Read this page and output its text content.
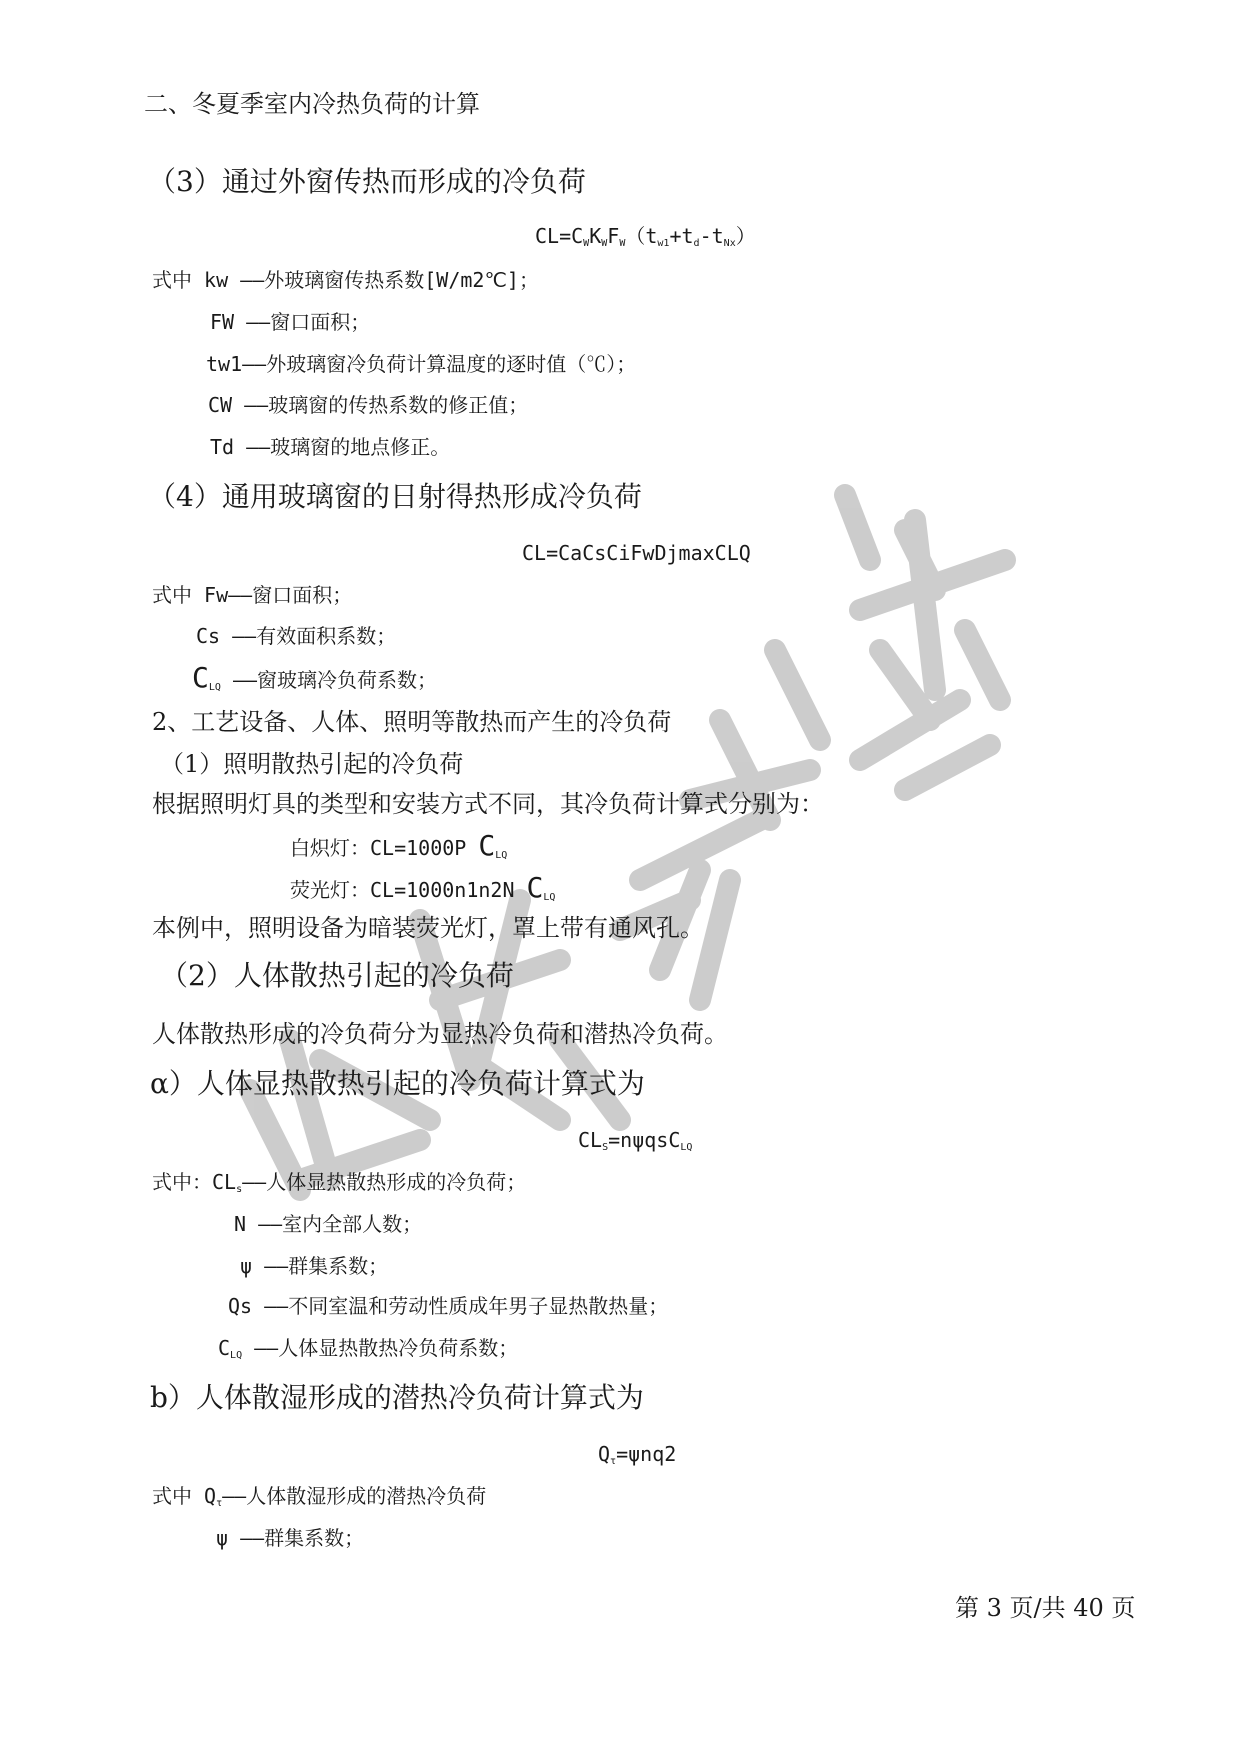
二、冬夏季室内冷热负荷的计算
（3）通过外窗传热而形成的冷负荷
$CL=C_WK_WF_W(t_{w1}+t_d-t_{Nx})$
式中 kw ——外玻璃窗传热系数[W/m2℃]；
FW ——窗口面积；
tw1——外玻璃窗冷负荷计算温度的逐时值（℃）；
CW ——玻璃窗的传热系数的修正值；
Td ——玻璃窗的地点修正。
（4）通用玻璃窗的日射得热形成冷负荷
CL=CaCsCiFwDjmaxCLQ
式中 Fw——窗口面积；
Cs ——有效面积系数；
$C_{LQ}$ ——窗玻璃冷负荷系数；
2、工艺设备、人体、照明等散热而产生的冷负荷
（1）照明散热引起的冷负荷
根据照明灯具的类型和安装方式不同，其冷负荷计算式分别为：
白炽灯：CL=1000P $C_{LQ}$
荧光灯：CL=1000n1n2N $C_{LQ}$
本例中，照明设备为暗装荧光灯，罩上带有通风孔。
（2）人体散热引起的冷负荷
人体散热形成的冷负荷分为显热冷负荷和潜热冷负荷。
α）人体显热散热引起的冷负荷计算式为
$CL_S=n\psi qsC_{LQ}$
式中：$CL_s——$人体显热散热形成的冷负荷；
N ——室内全部人数；
ψ ——群集系数；
Qs ——不同室温和劳动性质成年男子显热散热量；
$C_{LQ}$ ——人体显热散热冷负荷系数；
b）人体散湿形成的潜热冷负荷计算式为
$Q_\tau=\psi nq2$
式中 $Q_\tau——$人体散湿形成的潜热冷负荷
ψ ——群集系数；
第 3 页/共 40 页
